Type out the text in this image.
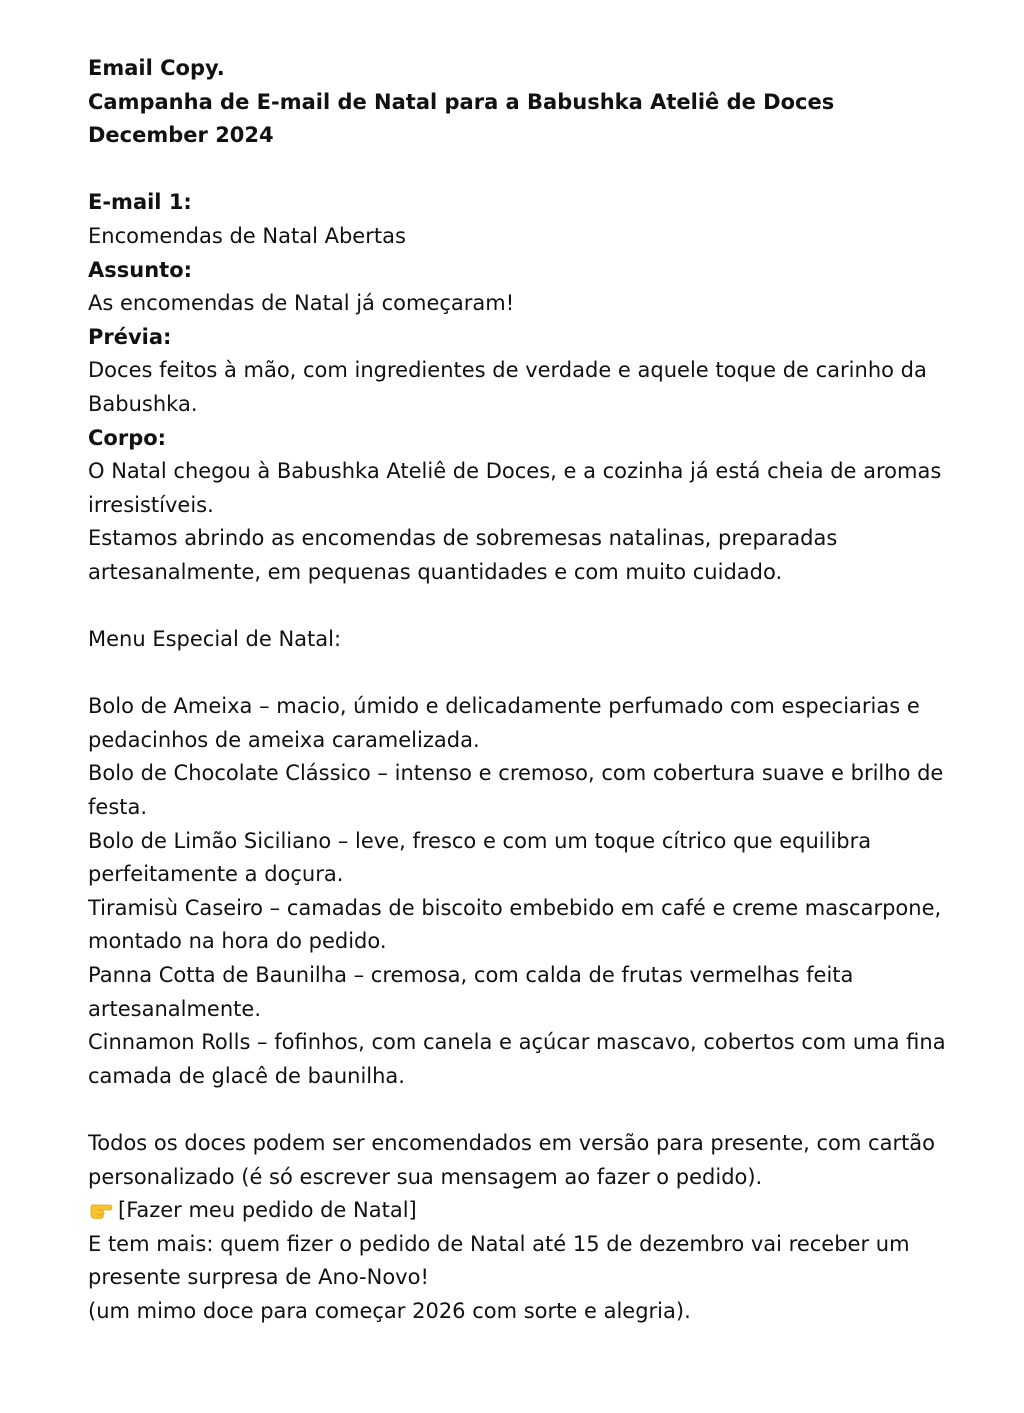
Email Copy.
Campanha de E-mail de Natal para a Babushka Ateliê de Doces
December 2024
E-mail 1:
Encomendas de Natal Abertas
Assunto:
As encomendas de Natal já começaram!
Prévia:
Doces feitos à mão, com ingredientes de verdade e aquele toque de carinho da
Babushka.
Corpo:
O Natal chegou à Babushka Ateliê de Doces, e a cozinha já está cheia de aromas
irresistíveis.
Estamos abrindo as encomendas de sobremesas natalinas, preparadas
artesanalmente, em pequenas quantidades e com muito cuidado.
Menu Especial de Natal:
Bolo de Ameixa – macio, úmido e delicadamente perfumado com especiarias e
pedacinhos de ameixa caramelizada.
Bolo de Chocolate Clássico – intenso e cremoso, com cobertura suave e brilho de
festa.
Bolo de Limão Siciliano – leve, fresco e com um toque cítrico que equilibra
perfeitamente a doçura.
Tiramisù Caseiro – camadas de biscoito embebido em café e creme mascarpone,
montado na hora do pedido.
Panna Cotta de Baunilha – cremosa, com calda de frutas vermelhas feita
artesanalmente.
Cinnamon Rolls – fofinhos, com canela e açúcar mascavo, cobertos com uma fina
camada de glacê de baunilha.
Todos os doces podem ser encomendados em versão para presente, com cartão
personalizado (é só escrever sua mensagem ao fazer o pedido).
[Fazer meu pedido de Natal]
E tem mais: quem fizer o pedido de Natal até 15 de dezembro vai receber um
presente surpresa de Ano-Novo!
(um mimo doce para começar 2026 com sorte e alegria).
